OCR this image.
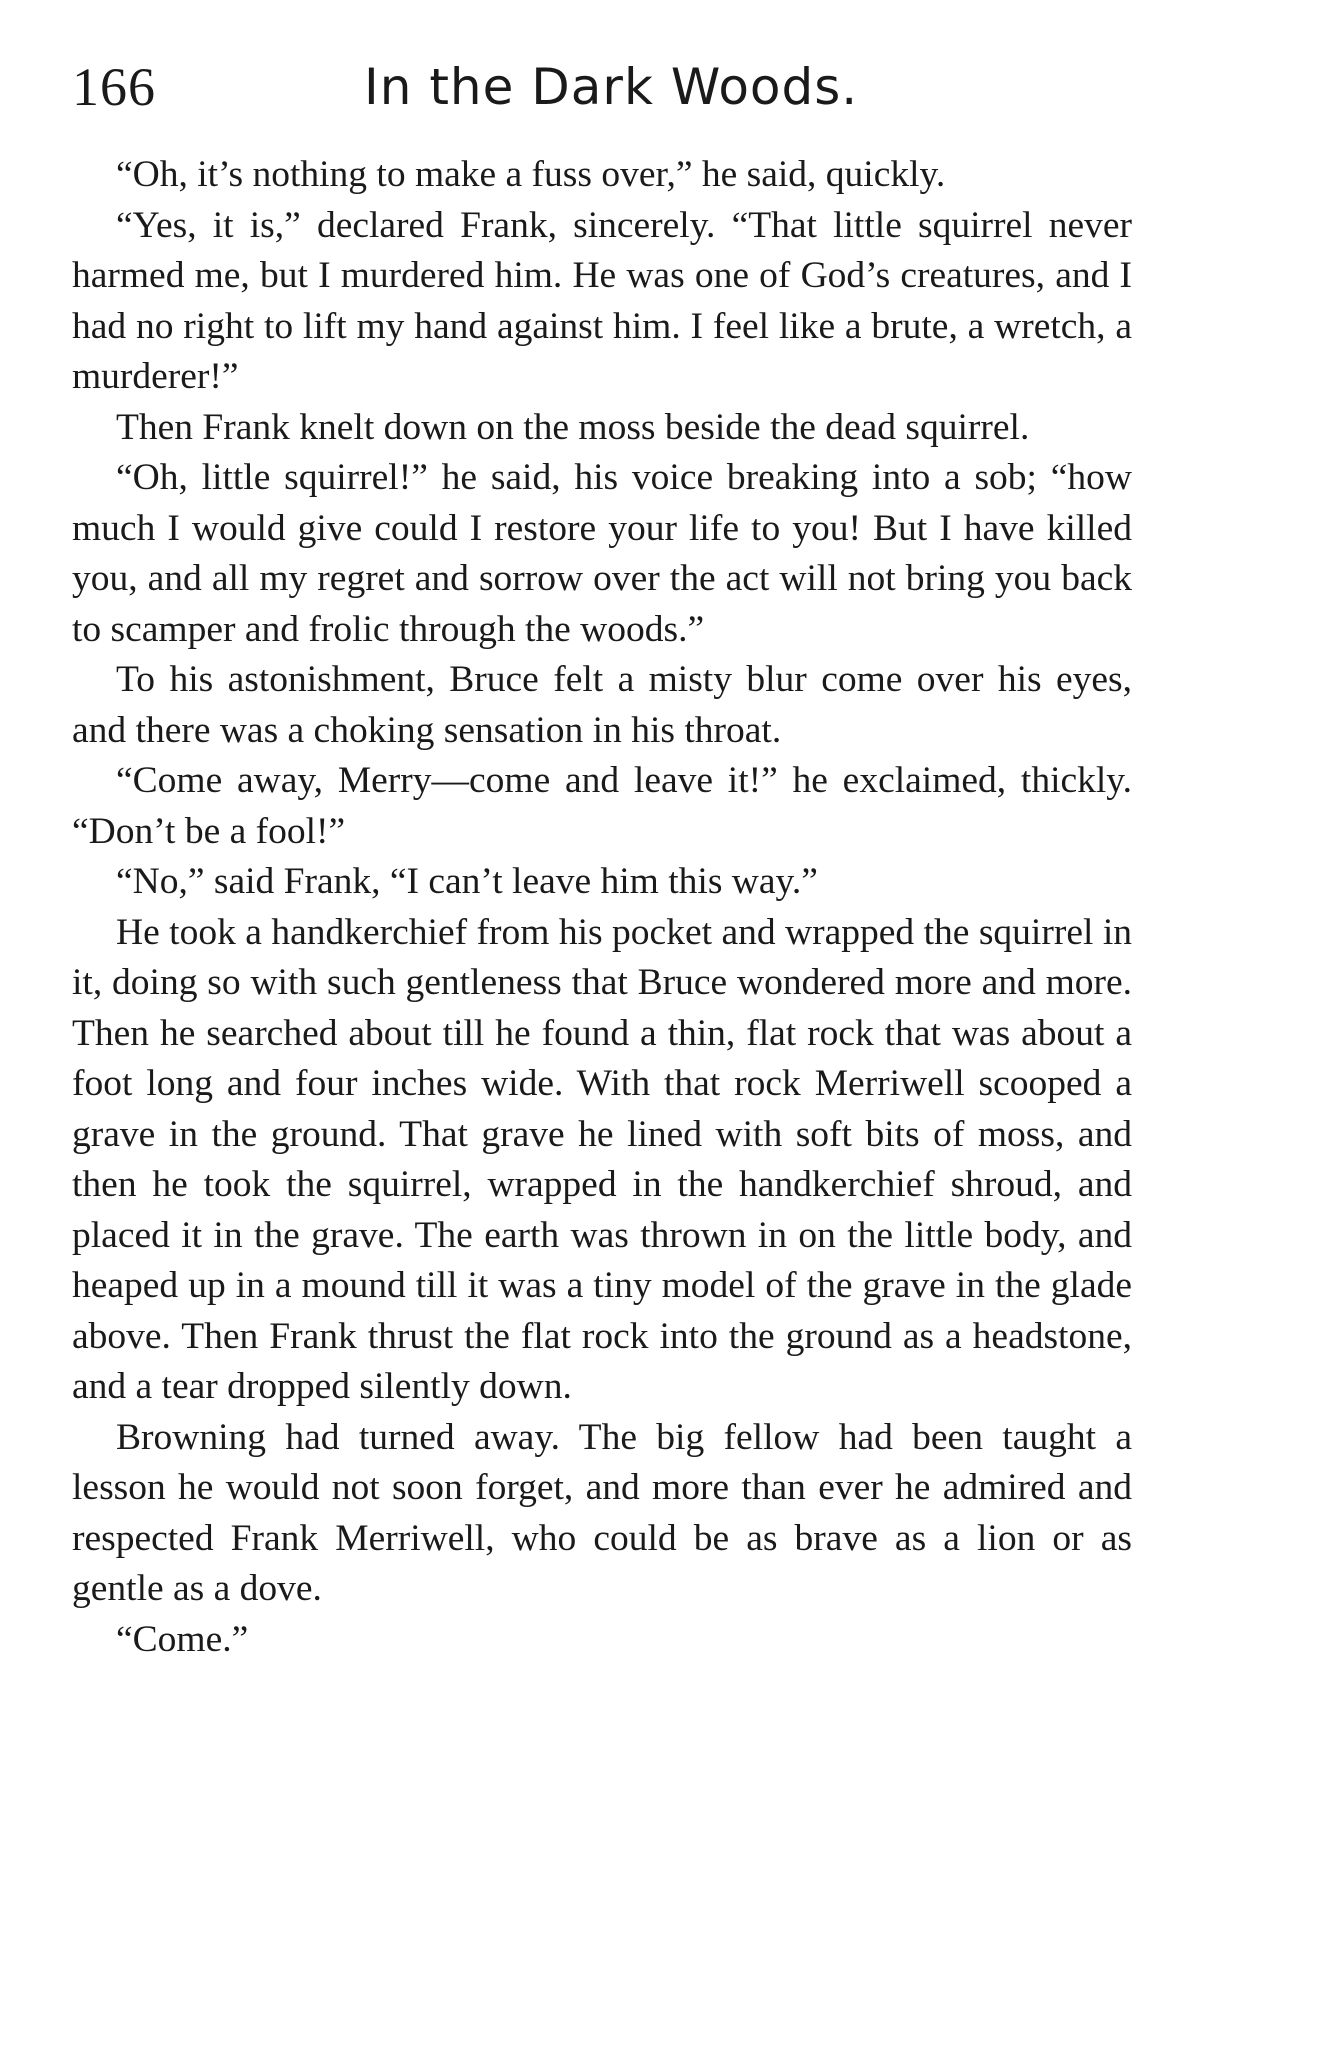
166	In the Dark Woods.

“Oh, it’s nothing to make a fuss over,” he said, quickly.

“Yes, it is,” declared Frank, sincerely. “That little squirrel never harmed me, but I murdered him. He was one of God’s creatures, and I had no right to lift my hand against him. I feel like a brute, a wretch, a murderer!”

Then Frank knelt down on the moss beside the dead squirrel.

“Oh, little squirrel!” he said, his voice breaking into a sob; “how much I would give could I restore your life to you! But I have killed you, and all my regret and sorrow over the act will not bring you back to scamper and frolic through the woods.”

To his astonishment, Bruce felt a misty blur come over his eyes, and there was a choking sensation in his throat.

“Come away, Merry—come and leave it!” he exclaimed, thickly. “Don’t be a fool!”

“No,” said Frank, “I can’t leave him this way.”

He took a handkerchief from his pocket and wrapped the squirrel in it, doing so with such gentleness that Bruce wondered more and more. Then he searched about till he found a thin, flat rock that was about a foot long and four inches wide. With that rock Merriwell scooped a grave in the ground. That grave he lined with soft bits of moss, and then he took the squirrel, wrapped in the handkerchief shroud, and placed it in the grave. The earth was thrown in on the little body, and heaped up in a mound till it was a tiny model of the grave in the glade above. Then Frank thrust the flat rock into the ground as a headstone, and a tear dropped silently down.

Browning had turned away. The big fellow had been taught a lesson he would not soon forget, and more than ever he admired and respected Frank Merriwell, who could be as brave as a lion or as gentle as a dove.

“Come.”
